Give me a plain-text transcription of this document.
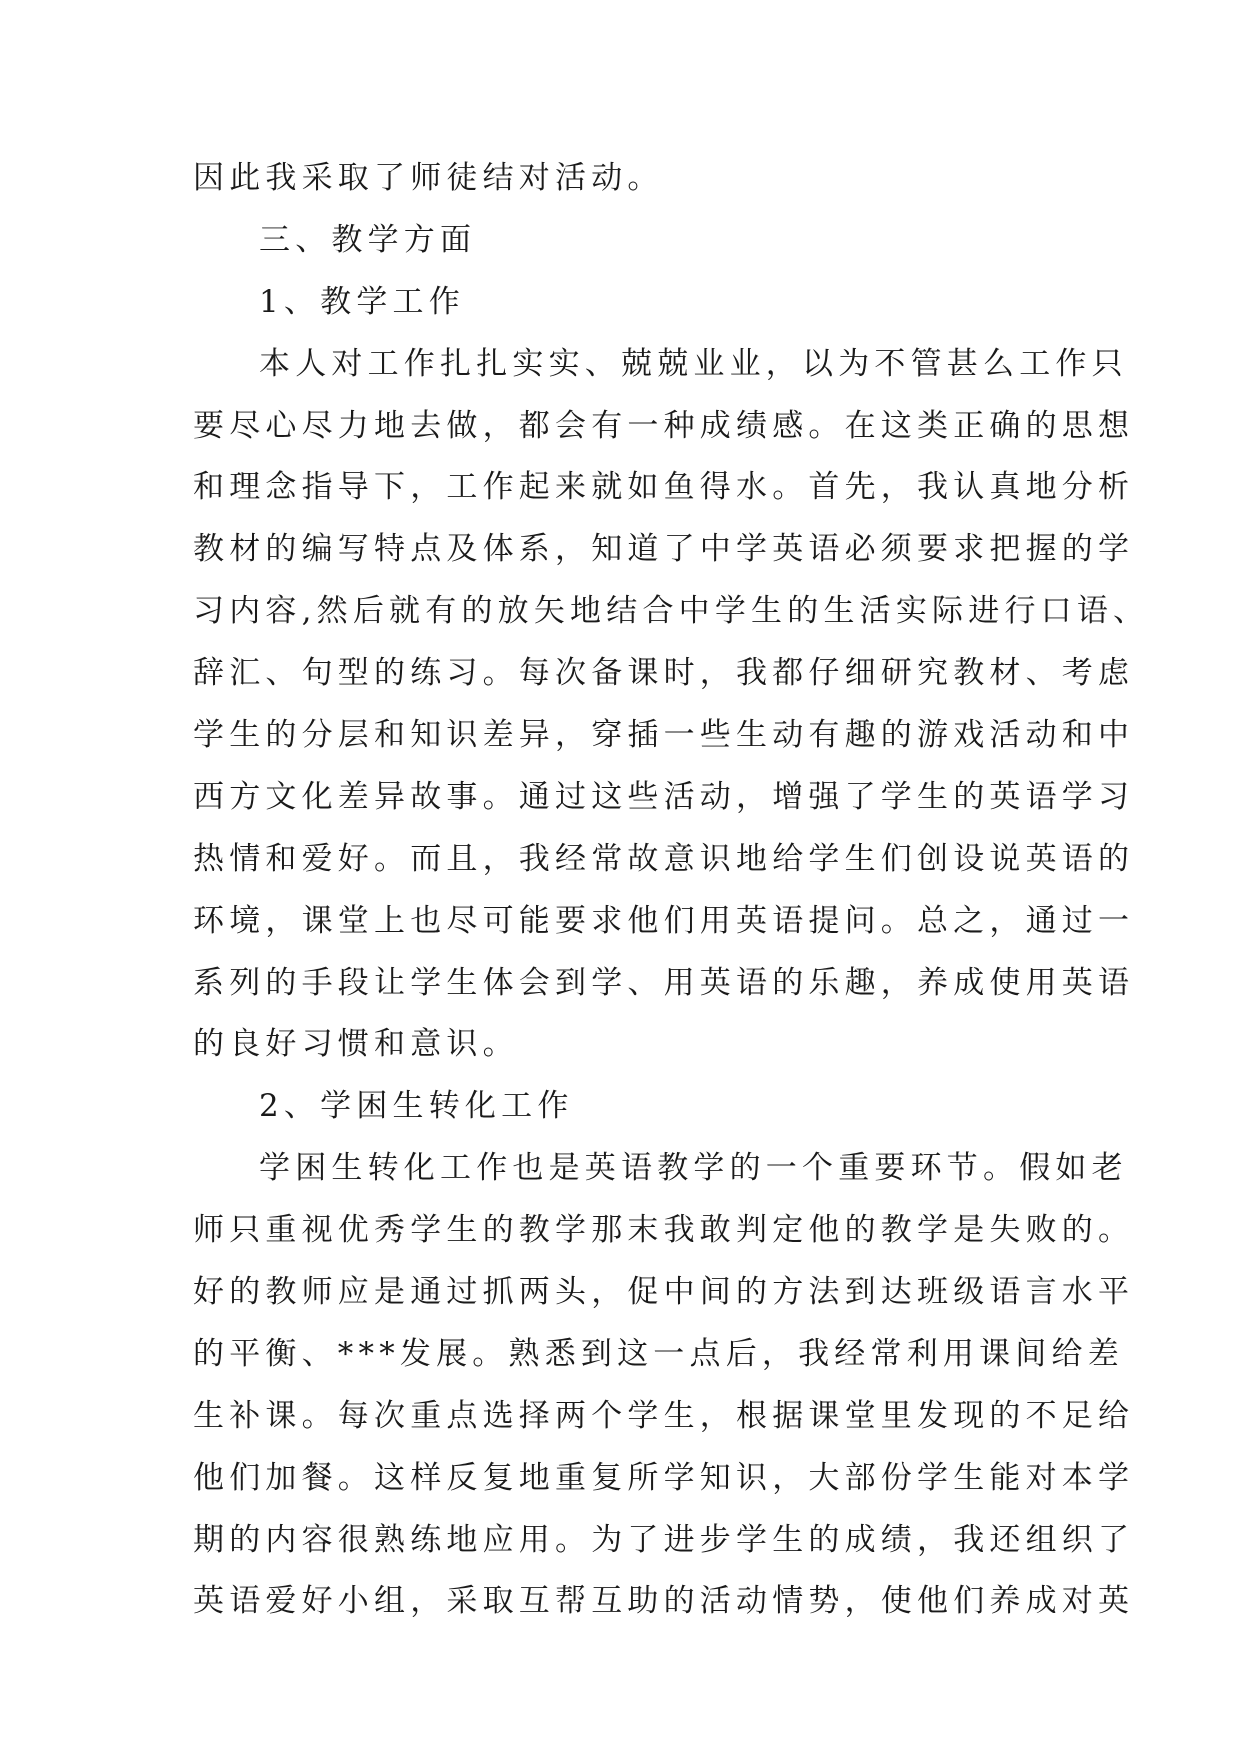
因此我采取了师徒结对活动。
三、教学方面
1、教学工作
本人对工作扎扎实实、兢兢业业，以为不管甚么工作只
要尽心尽力地去做，都会有一种成绩感。在这类正确的思想
和理念指导下，工作起来就如鱼得水。首先，我认真地分析
教材的编写特点及体系，知道了中学英语必须要求把握的学
习内容,然后就有的放矢地结合中学生的生活实际进行口语、
辞汇、句型的练习。每次备课时，我都仔细研究教材、考虑
学生的分层和知识差异，穿插一些生动有趣的游戏活动和中
西方文化差异故事。通过这些活动，增强了学生的英语学习
热情和爱好。而且，我经常故意识地给学生们创设说英语的
环境，课堂上也尽可能要求他们用英语提问。总之，通过一
系列的手段让学生体会到学、用英语的乐趣，养成使用英语
的良好习惯和意识。
2、学困生转化工作
学困生转化工作也是英语教学的一个重要环节。假如老
师只重视优秀学生的教学那末我敢判定他的教学是失败的。
好的教师应是通过抓两头，促中间的方法到达班级语言水平
的平衡、***发展。熟悉到这一点后，我经常利用课间给差
生补课。每次重点选择两个学生，根据课堂里发现的不足给
他们加餐。这样反复地重复所学知识，大部份学生能对本学
期的内容很熟练地应用。为了进步学生的成绩，我还组织了
英语爱好小组，采取互帮互助的活动情势，使他们养成对英
